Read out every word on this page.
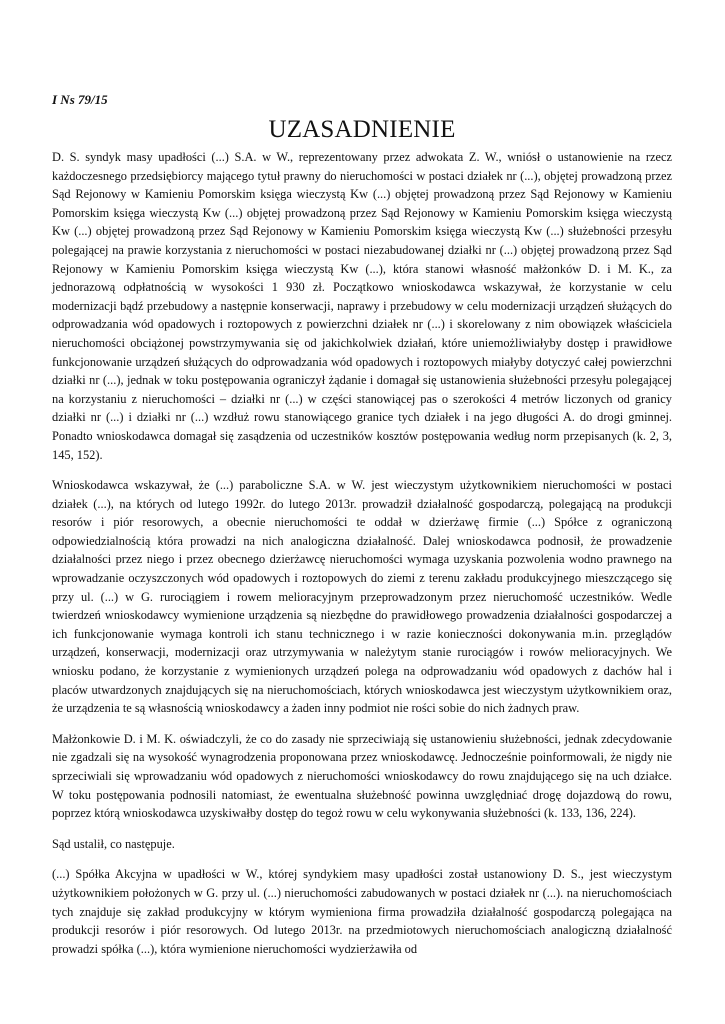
I Ns 79/15
UZASADNIENIE

D. S. syndyk masy upadłości (...) S.A. w W., reprezentowany przez adwokata Z. W., wniósł o ustanowienie na rzecz każdoczesnego przedsiębiorcy mającego tytuł prawny do nieruchomości w postaci działek nr (...), objętej prowadzoną przez Sąd Rejonowy w Kamieniu Pomorskim księga wieczystą Kw (...) objętej prowadzoną przez Sąd Rejonowy w Kamieniu Pomorskim księga wieczystą Kw (...) objętej prowadzoną przez Sąd Rejonowy w Kamieniu Pomorskim księga wieczystą Kw (...) objętej prowadzoną przez Sąd Rejonowy w Kamieniu Pomorskim księga wieczystą Kw (...) służebności przesyłu polegającej na prawie korzystania z nieruchomości w postaci niezabudowanej działki nr (...) objętej prowadzoną przez Sąd Rejonowy w Kamieniu Pomorskim księga wieczystą Kw (...), która stanowi własność małżonków D. i M. K., za jednorazową odpłatnością w wysokości 1 930 zł. Początkowo wnioskodawca wskazywał, że korzystanie w celu modernizacji bądź przebudowy a następnie konserwacji, naprawy i przebudowy w celu modernizacji urządzeń służących do odprowadzania wód opadowych i roztopowych z powierzchni działek nr (...) i skorelowany z nim obowiązek właściciela nieruchomości obciążonej powstrzymywania się od jakichkolwiek działań, które uniemożliwiałyby dostęp i prawidłowe funkcjonowanie urządzeń służących do odprowadzania wód opadowych i roztopowych miałyby dotyczyć całej powierzchni działki nr (...), jednak w toku postępowania ograniczył żądanie i domagał się ustanowienia służebności przesyłu polegającej na korzystaniu z nieruchomości – działki nr (...) w części stanowiącej pas o szerokości 4 metrów liczonych od granicy działki nr (...) i działki nr (...) wzdłuż rowu stanowiącego granice tych działek i na jego długości A. do drogi gminnej. Ponadto wnioskodawca domagał się zasądzenia od uczestników kosztów postępowania według norm przepisanych (k. 2, 3, 145, 152).

Wnioskodawca wskazywał, że (...) paraboliczne S.A. w W. jest wieczystym użytkownikiem nieruchomości w postaci działek (...), na których od lutego 1992r. do lutego 2013r. prowadził działalność gospodarczą, polegającą na produkcji resorów i piór resorowych, a obecnie nieruchomości te oddał w dzierżawę firmie (...) Spółce z ograniczoną odpowiedzialnością która prowadzi na nich analogiczna działalność. Dalej wnioskodawca podnosił, że prowadzenie działalności przez niego i przez obecnego dzierżawcę nieruchomości wymaga uzyskania pozwolenia wodno prawnego na wprowadzanie oczyszczonych wód opadowych i roztopowych do ziemi z terenu zakładu produkcyjnego mieszczącego się przy ul. (...) w G. rurociągiem i rowem melioracyjnym przeprowadzonym przez nieruchomość uczestników. Wedle twierdzeń wnioskodawcy wymienione urządzenia są niezbędne do prawidłowego prowadzenia działalności gospodarczej a ich funkcjonowanie wymaga kontroli ich stanu technicznego i w razie konieczności dokonywania m.in. przeglądów urządzeń, konserwacji, modernizacji oraz utrzymywania w należytym stanie rurociągów i rowów melioracyjnych. We wniosku podano, że korzystanie z wymienionych urządzeń polega na odprowadzaniu wód opadowych z dachów hal i placów utwardzonych znajdujących się na nieruchomościach, których wnioskodawca jest wieczystym użytkownikiem oraz, że urządzenia te są własnością wnioskodawcy a żaden inny podmiot nie rości sobie do nich żadnych praw.

Małżonkowie D. i M. K. oświadczyli, że co do zasady nie sprzeciwiają się ustanowieniu służebności, jednak zdecydowanie nie zgadzali się na wysokość wynagrodzenia proponowana przez wnioskodawcę. Jednocześnie poinformowali, że nigdy nie sprzeciwiali się wprowadzaniu wód opadowych z nieruchomości wnioskodawcy do rowu znajdującego się na uch działce. W toku postępowania podnosili natomiast, że ewentualna służebność powinna uwzględniać drogę dojazdową do rowu, poprzez którą wnioskodawca uzyskiwałby dostęp do tegoż rowu w celu wykonywania służebności (k. 133, 136, 224).

Sąd ustalił, co następuje.

(...) Spółka Akcyjna w upadłości w W., której syndykiem masy upadłości został ustanowiony D. S., jest wieczystym użytkownikiem położonych w G. przy ul. (...) nieruchomości zabudowanych w postaci działek nr (...). na nieruchomościach tych znajduje się zakład produkcyjny w którym wymieniona firma prowadziła działalność gospodarczą polegająca na produkcji resorów i piór resorowych. Od lutego 2013r. na przedmiotowych nieruchomościach analogiczną działalność prowadzi spółka (...), która wymienione nieruchomości wydzierżawiła od
